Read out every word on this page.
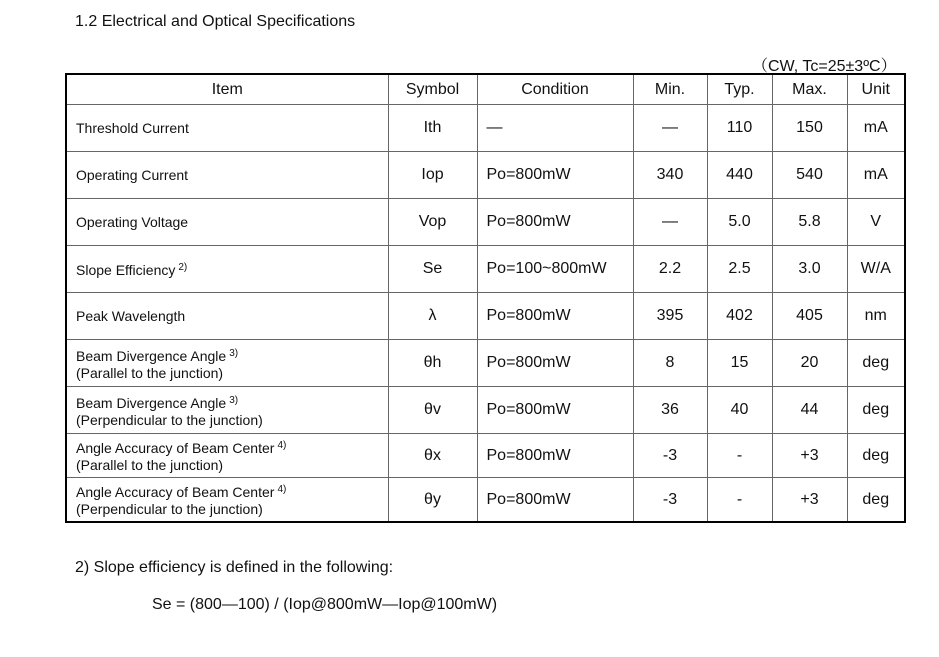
1.2 Electrical and Optical Specifications
（CW, Tc=25±3ºC）
Item	Symbol	Condition	Min.	Typ.	Max.	Unit
Threshold Current	Ith	―	―	110	150	mA
Operating Current	Iop	Po=800mW	340	440	540	mA
Operating Voltage	Vop	Po=800mW	―	5.0	5.8	V
Slope Efficiency $^{2)}$	Se	Po=100~800mW	2.2	2.5	3.0	W/A
Peak Wavelength	λ	Po=800mW	395	402	405	nm
Beam Divergence Angle $^{3)}$
(Parallel to the junction)	θh	Po=800mW	8	15	20	deg
Beam Divergence Angle $^{3)}$
(Perpendicular to the junction)	θv	Po=800mW	36	40	44	deg
Angle Accuracy of Beam Center $^{4)}$
(Parallel to the junction)	θx	Po=800mW	-3	-	+3	deg
Angle Accuracy of Beam Center $^{4)}$
(Perpendicular to the junction)	θy	Po=800mW	-3	-	+3	deg
2) Slope efficiency is defined in the following:
Se = (800―100) / (Iop@800mW―Iop@100mW)
